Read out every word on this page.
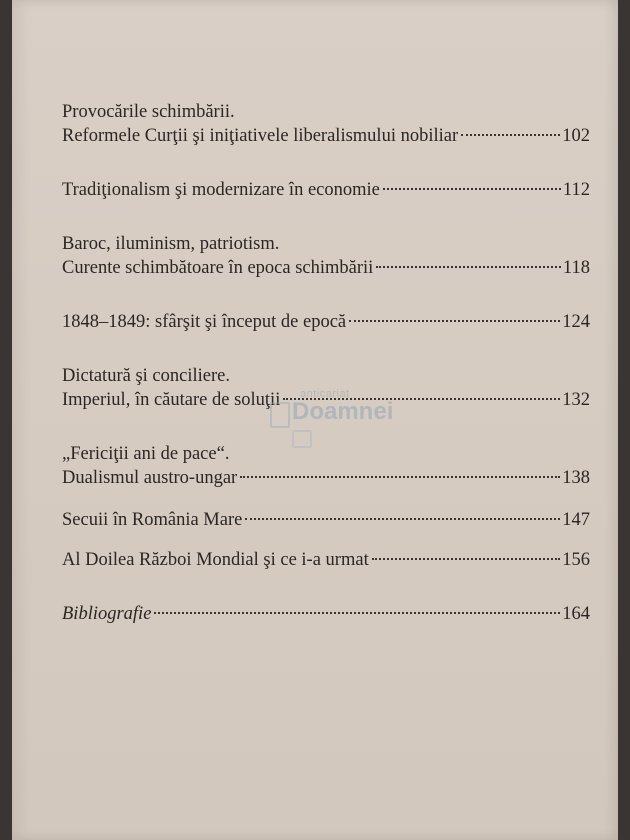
Provocările schimbării.
Reformele Curţii şi iniţiativele liberalismului nobiliar	102
Tradiţionalism şi modernizare în economie	112
Baroc, iluminism, patriotism.
Curente schimbătoare în epoca schimbării	118
1848–1849: sfârşit şi început de epocă	124
Dictatură şi conciliere.
Imperiul, în căutare de soluţii	132
„Fericiţii ani de pace“.
Dualismul austro-ungar	138
Secuii în România Mare	147
Al Doilea Război Mondial şi ce i-a urmat	156
Bibliografie	164
anticariat
Doamnei
